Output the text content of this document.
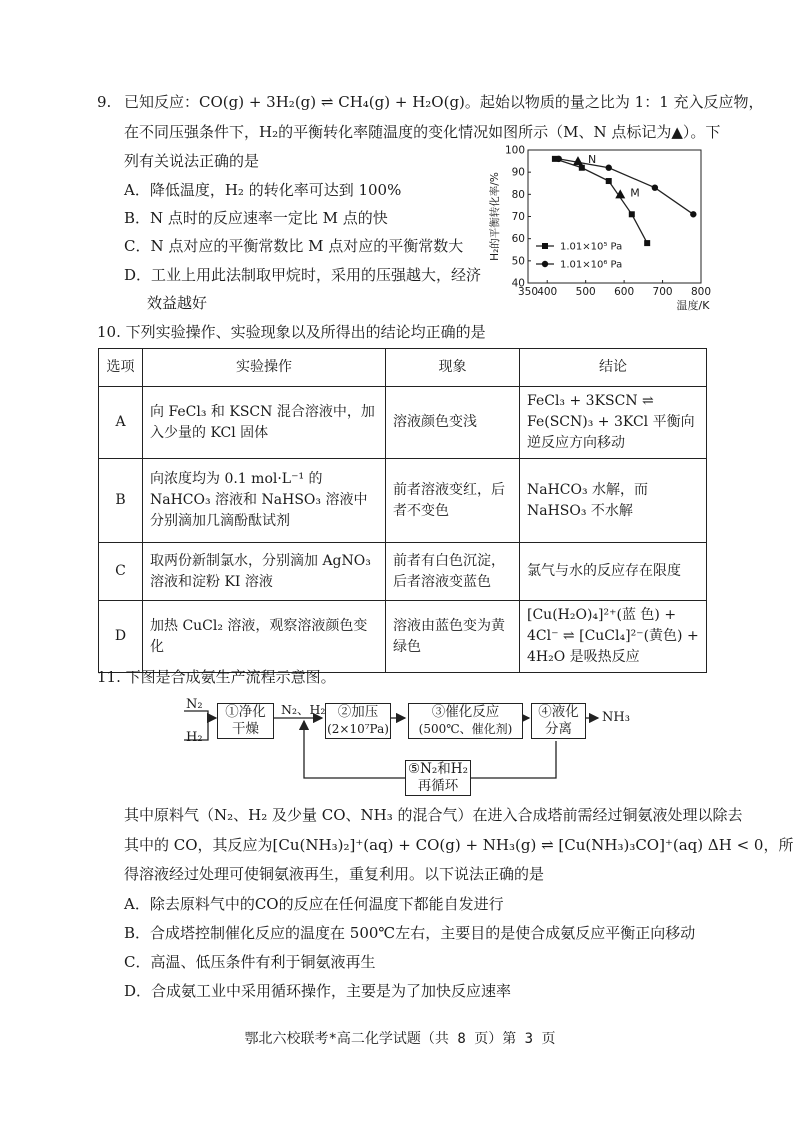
9. 已知反应：CO(g) + 3H₂(g) ⇌ CH₄(g) + H₂O(g)。起始以物质的量之比为 1：1 充入反应物，
在不同压强条件下，H₂的平衡转化率随温度的变化情况如图所示（M、N 点标记为▲）。下
列有关说法正确的是
A．降低温度，H₂ 的转化率可达到 100%
B．N 点时的反应速率一定比 M 点的快
C．N 点对应的平衡常数比 M 点对应的平衡常数大
D．工业上用此法制取甲烷时，采用的压强越大，经济
效益越好
350 400 500 600 700 800
40
50
60
70
80
90
100
温度/K
H₂的平衡转化率/%
N
M
1.01×10⁵ Pa
1.01×10⁶ Pa
10. 下列实验操作、实验现象以及所得出的结论均正确的是
选项	实验操作	现象	结论
A	向 FeCl₃ 和 KSCN 混合溶液中，加入少量的 KCl 固体	溶液颜色变浅	FeCl₃ + 3KSCN ⇌ Fe(SCN)₃ + 3KCl 平衡向逆反应方向移动
B	向浓度均为 0.1 mol·L⁻¹ 的 NaHCO₃ 溶液和 NaHSO₃ 溶液中分别滴加几滴酚酞试剂	前者溶液变红，后者不变色	NaHCO₃ 水解，而 NaHSO₃ 不水解
C	取两份新制氯水，分别滴加 AgNO₃ 溶液和淀粉 KI 溶液	前者有白色沉淀，后者溶液变蓝色	氯气与水的反应存在限度
D	加热 CuCl₂ 溶液，观察溶液颜色变化	溶液由蓝色变为黄绿色	[Cu(H₂O)₄]²⁺(蓝 色) + 4Cl⁻ ⇌ [CuCl₄]²⁻(黄色) + 4H₂O 是吸热反应
11. 下图是合成氨生产流程示意图。
N₂
H₂
①净化
干燥
N₂、H₂ ②加压
(2×10⁷Pa)
③催化反应
(500℃、催化剂)
④液化
分离
NH₃
⑤N₂和H₂
再循环
其中原料气（N₂、H₂ 及少量 CO、NH₃ 的混合气）在进入合成塔前需经过铜氨液处理以除去
其中的 CO，其反应为[Cu(NH₃)₂]⁺(aq) + CO(g) + NH₃(g) ⇌ [Cu(NH₃)₃CO]⁺(aq) ΔH < 0，所
得溶液经过处理可使铜氨液再生，重复利用。以下说法正确的是
A．除去原料气中的CO的反应在任何温度下都能自发进行
B．合成塔控制催化反应的温度在 500℃左右，主要目的是使合成氨反应平衡正向移动
C．高温、低压条件有利于铜氨液再生
D．合成氨工业中采用循环操作，主要是为了加快反应速率
鄂北六校联考*高二化学试题（共 8 页）第 3 页
